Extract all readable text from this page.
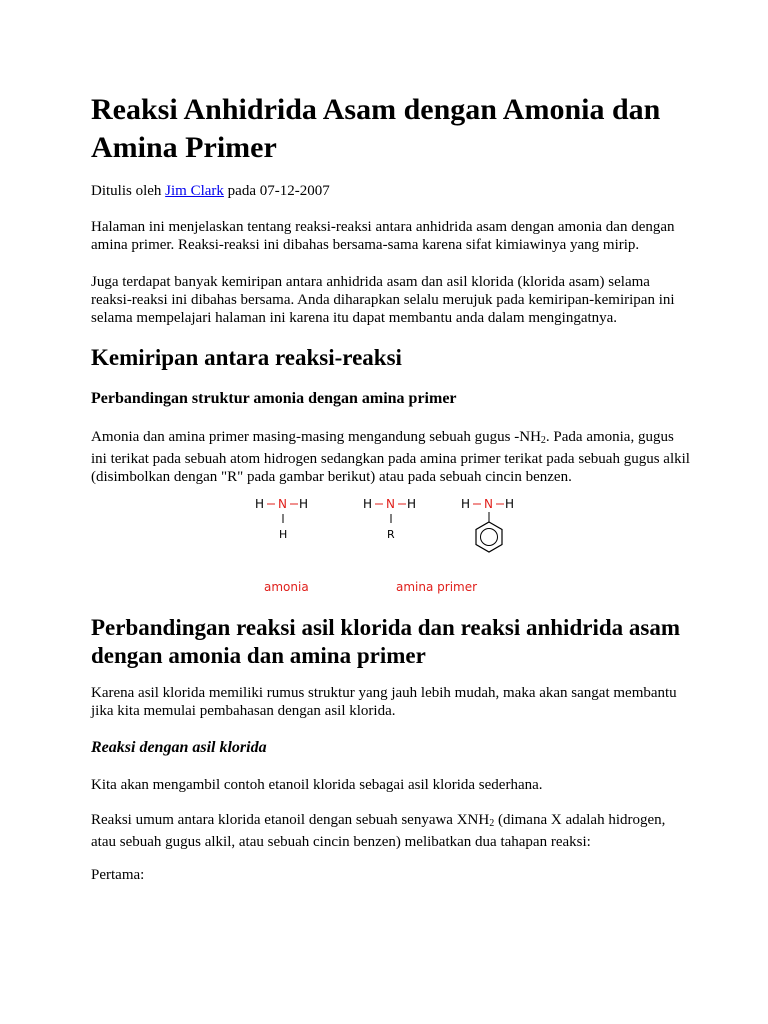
Reaksi Anhidrida Asam dengan Amonia dan Amina Primer
Ditulis oleh Jim Clark pada 07-12-2007

Halaman ini menjelaskan tentang reaksi-reaksi antara anhidrida asam dengan amonia dan dengan amina primer. Reaksi-reaksi ini dibahas bersama-sama karena sifat kimiawinya yang mirip.

Juga terdapat banyak kemiripan antara anhidrida asam dan asil klorida (klorida asam) selama reaksi-reaksi ini dibahas bersama. Anda diharapkan selalu merujuk pada kemiripan-kemiripan ini selama mempelajari halaman ini karena itu dapat membantu anda dalam mengingatnya.

Kemiripan antara reaksi-reaksi
Perbandingan struktur amonia dengan amina primer

Amonia dan amina primer masing-masing mengandung sebuah gugus $-NH_2$. Pada amonia, gugus ini terikat pada sebuah atom hidrogen sedangkan pada amina primer terikat pada sebuah gugus alkil (disimbolkan dengan "R" pada gambar berikut) atau pada sebuah cincin benzen.

H N H
H
H N H
R
H N H
amonia	amina primer
Perbandingan reaksi asil klorida dan reaksi anhidrida asam dengan amonia dan amina primer

Karena asil klorida memiliki rumus struktur yang jauh lebih mudah, maka akan sangat membantu jika kita memulai pembahasan dengan asil klorida.

Reaksi dengan asil klorida

Kita akan mengambil contoh etanoil klorida sebagai asil klorida sederhana.

Reaksi umum antara klorida etanoil dengan sebuah senyawa $XNH_2$ (dimana X adalah hidrogen, atau sebuah gugus alkil, atau sebuah cincin benzen) melibatkan dua tahapan reaksi:

Pertama:
